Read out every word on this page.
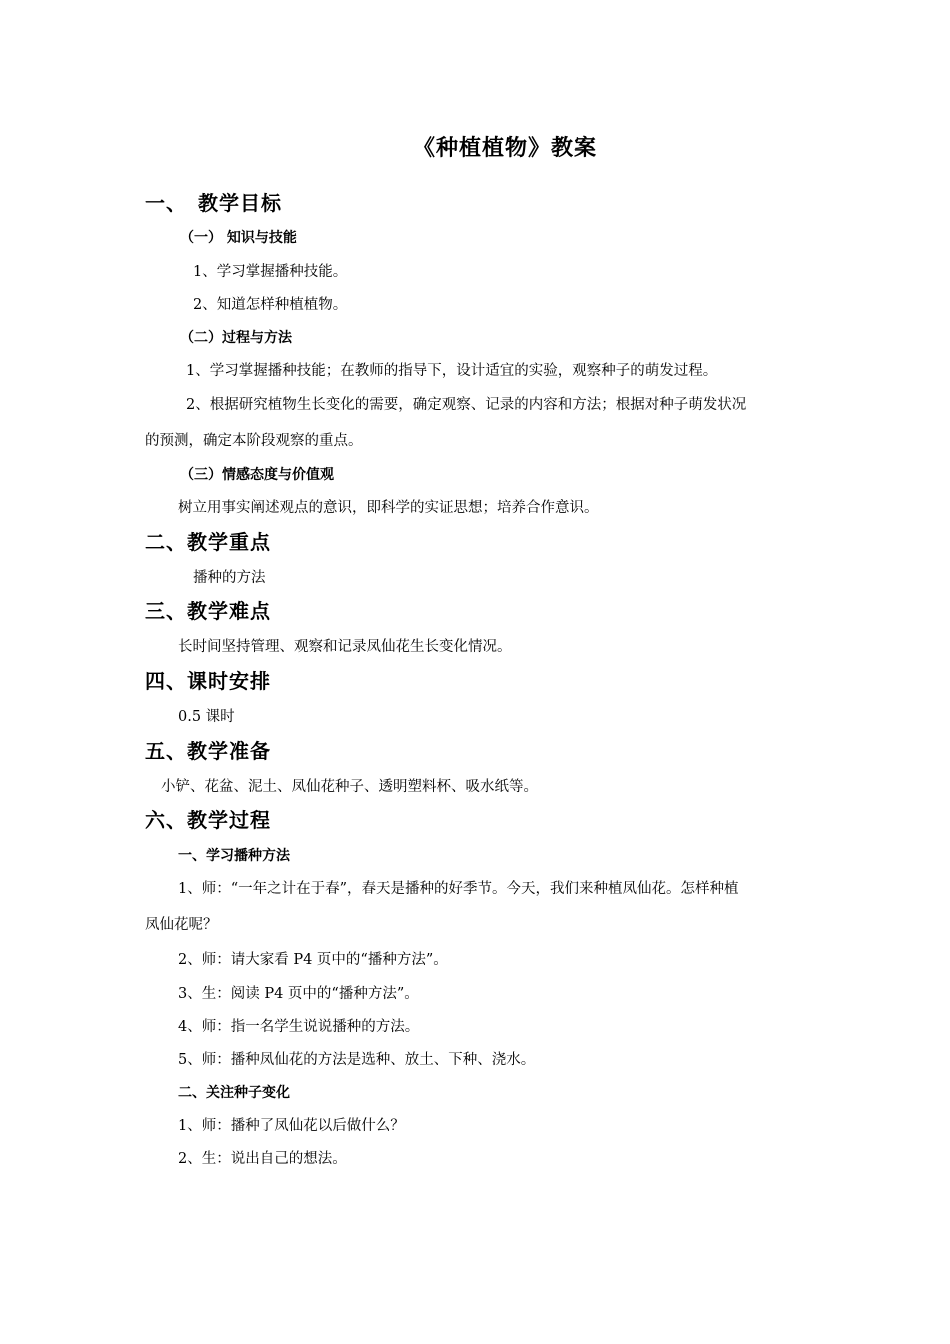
《种植植物》教案
一、　教学目标
（一） 知识与技能
1、学习掌握播种技能。
2、知道怎样种植植物。
（二）过程与方法
1、学习掌握播种技能；在教师的指导下，设计适宜的实验，观察种子的萌发过程。
2、根据研究植物生长变化的需要，确定观察、记录的内容和方法；根据对种子萌发状况
的预测，确定本阶段观察的重点。
（三）情感态度与价值观
树立用事实阐述观点的意识，即科学的实证思想；培养合作意识。
二、教学重点
播种的方法
三、教学难点
长时间坚持管理、观察和记录凤仙花生长变化情况。
四、课时安排
0.5 课时
五、教学准备
小铲、花盆、泥土、凤仙花种子、透明塑料杯、吸水纸等。
六、教学过程
一、学习播种方法
1、师：“一年之计在于春”，春天是播种的好季节。今天，我们来种植凤仙花。怎样种植
凤仙花呢？
2、师：请大家看 P4 页中的“播种方法”。
3、生：阅读 P4 页中的“播种方法”。
4、师：指一名学生说说播种的方法。
5、师：播种凤仙花的方法是选种、放土、下种、浇水。
二、关注种子变化
1、师：播种了凤仙花以后做什么？
2、生：说出自己的想法。
